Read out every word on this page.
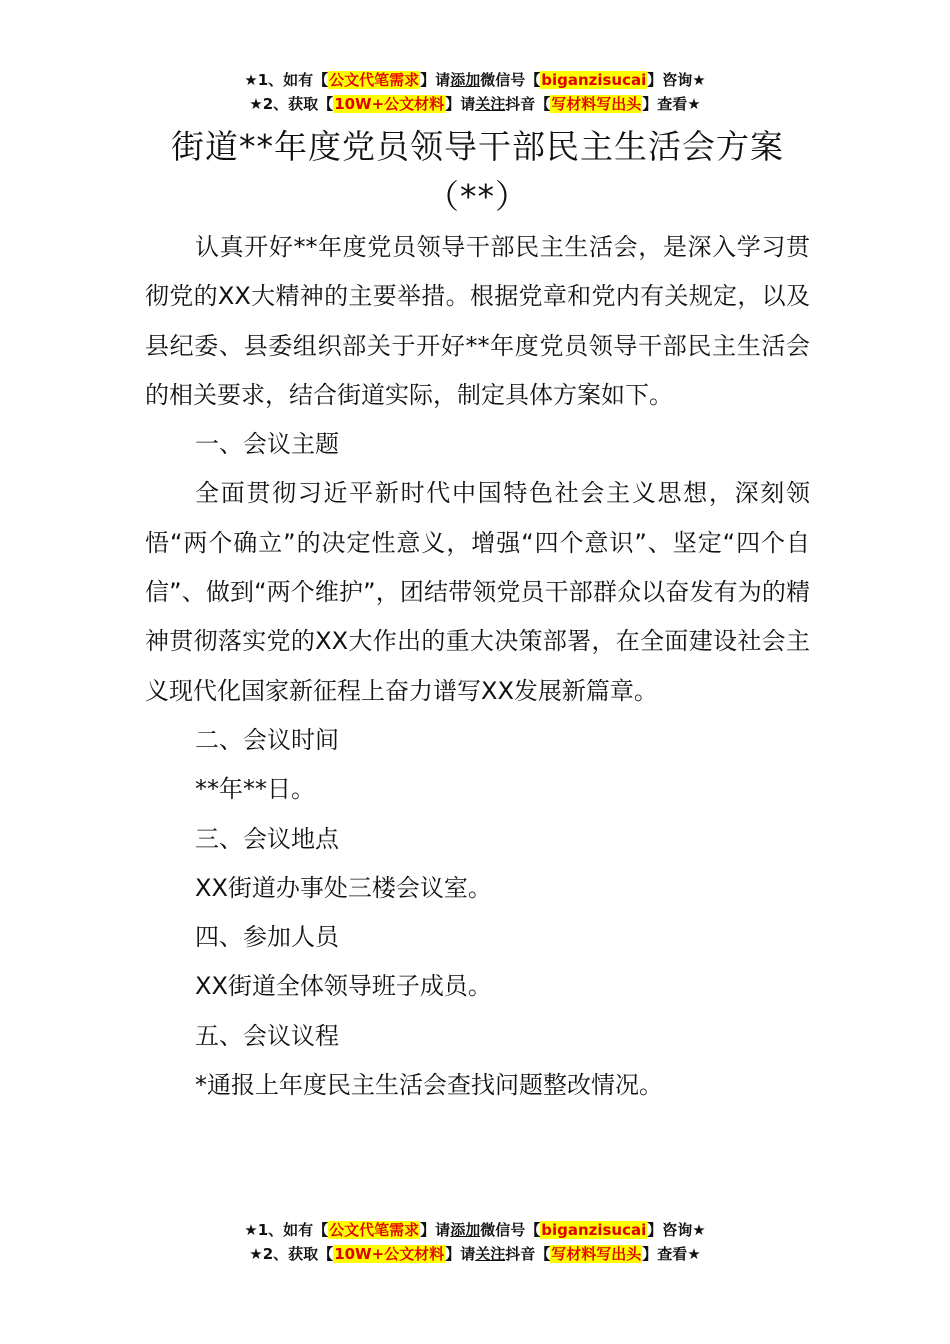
★1、如有【公文代笔需求】请添加微信号【biganzisucai】咨询★
★2、获取【10W+公文材料】请关注抖音【写材料写出头】查看★
街道**年度党员领导干部民主生活会方案
（**）

认真开好**年度党员领导干部民主生活会，是深入学习贯彻党的XX大精神的主要举措。根据党章和党内有关规定，以及县纪委、县委组织部关于开好**年度党员领导干部民主生活会的相关要求，结合街道实际，制定具体方案如下。

一、会议主题

全面贯彻习近平新时代中国特色社会主义思想，深刻领悟“两个确立”的决定性意义，增强“四个意识”、坚定“四个自信”、做到“两个维护”，团结带领党员干部群众以奋发有为的精神贯彻落实党的XX大作出的重大决策部署，在全面建设社会主义现代化国家新征程上奋力谱写XX发展新篇章。

二、会议时间

**年**日。

三、会议地点

XX街道办事处三楼会议室。

四、参加人员

XX街道全体领导班子成员。

五、会议议程

*通报上年度民主生活会查找问题整改情况。

★1、如有【公文代笔需求】请添加微信号【biganzisucai】咨询★
★2、获取【10W+公文材料】请关注抖音【写材料写出头】查看★
